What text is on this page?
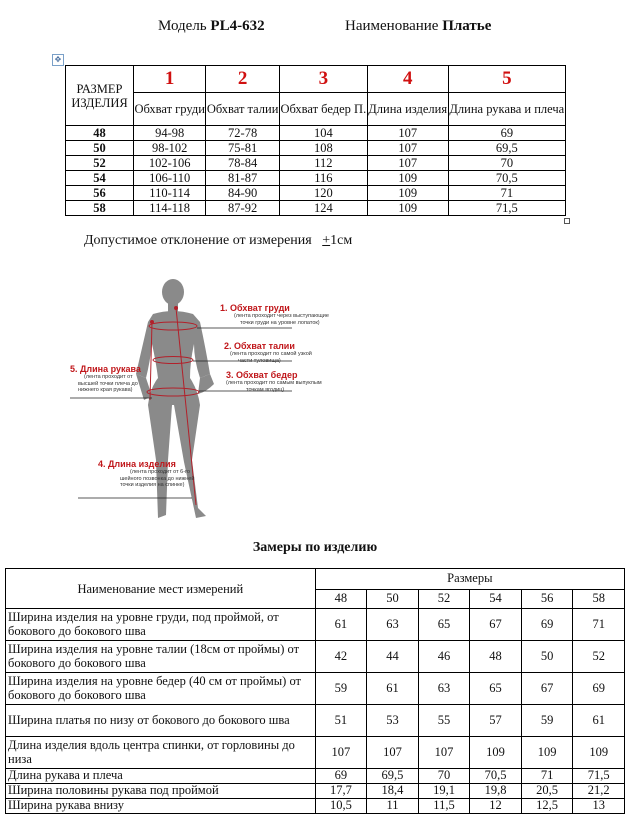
Модель PL4-632	Наименование Платье
✥
РАЗМЕР ИЗДЕЛИЯ	1	2	3	4	5
	Обхват груди	Обхват талии	Обхват бедер П.	Длина изделия	Длина рукава и плеча
48	94-98	72-78	104	107	69
50	98-102	75-81	108	107	69,5
52	102-106	78-84	112	107	70
54	106-110	81-87	116	109	70,5
56	110-114	84-90	120	109	71
58	114-118	87-92	124	109	71,5
Допустимое отклонение от измерения +1см
1. Обхват груди
(лента проходит через выступающие
точки груди на уровне лопаток)
2. Обхват талии
(лента проходит по самой узкой
части туловища)
3. Обхват бедер
(лента проходит по самым выпуклым
точкам ягодиц)
5. Длина рукава
(лента проходит от
высшей точки плеча до
нижнего края рукава)
4. Длина изделия
(лента проходит от 6-го
шейного позвонка до нижней
точки изделия на спинке)
Замеры по изделию
Наименование мест измерений	Размеры					
	48	50	52	54	56	58
Ширина изделия на уровне груди, под проймой, от бокового до бокового шва	61	63	65	67	69	71
Ширина изделия на уровне талии (18см от проймы) от бокового до бокового шва	42	44	46	48	50	52
Ширина изделия на уровне бедер (40 см от проймы) от бокового до бокового шва	59	61	63	65	67	69
Ширина платья по низу от бокового до бокового шва	51	53	55	57	59	61
Длина изделия вдоль центра спинки, от горловины до низа	107	107	107	109	109	109
Длина рукава и плеча	69	69,5	70	70,5	71	71,5
Ширина половины рукава под проймой	17,7	18,4	19,1	19,8	20,5	21,2
Ширина рукава внизу	10,5	11	11,5	12	12,5	13
